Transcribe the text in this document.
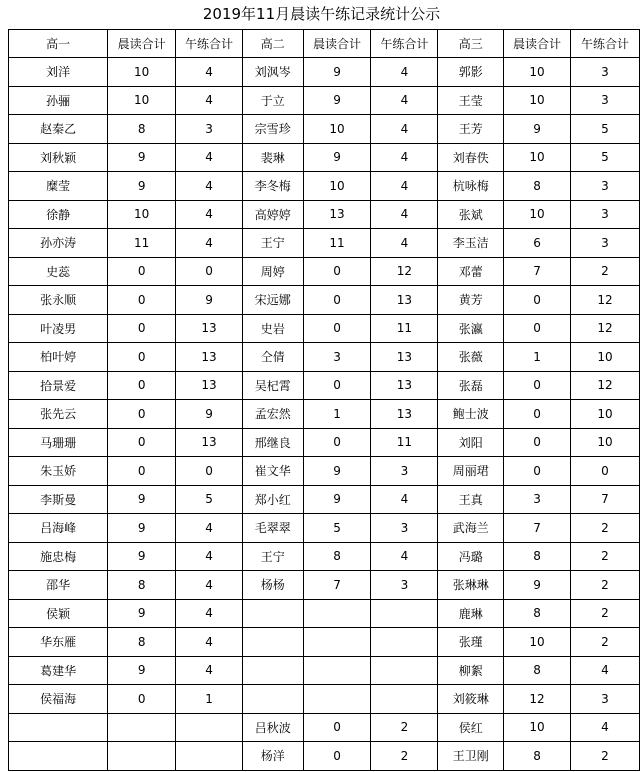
2019年11月晨读午练记录统计公示
高一	晨读合计	午练合计	高二	晨读合计	午练合计	高三	晨读合计	午练合计
刘洋	10	4	刘沨岑	9	4	郭影	10	3
孙骊	10	4	于立	9	4	王莹	10	3
赵秦乙	8	3	宗雪珍	10	4	王芳	9	5
刘秋颖	9	4	裴琳	9	4	刘春佚	10	5
糜莹	9	4	李冬梅	10	4	杭咏梅	8	3
徐静	10	4	高婷婷	13	4	张斌	10	3
孙亦涛	11	4	王宁	11	4	李玉洁	6	3
史蕊	0	0	周婷	0	12	邓蕾	7	2
张永顺	0	9	宋远娜	0	13	黄芳	0	12
叶凌男	0	13	史岩	0	11	张瀛	0	12
柏叶婷	0	13	仝倩	3	13	张薇	1	10
拾景爱	0	13	吴杞霄	0	13	张磊	0	12
张先云	0	9	孟宏然	1	13	鲍士波	0	10
马珊珊	0	13	邢继良	0	11	刘阳	0	10
朱玉娇	0	0	崔文华	9	3	周丽珺	0	0
李斯曼	9	5	郑小红	9	4	王真	3	7
吕海峰	9	4	毛翠翠	5	3	武海兰	7	2
施忠梅	9	4	王宁	8	4	冯璐	8	2
邵华	8	4	杨杨	7	3	张琳琳	9	2
侯颖	9	4				鹿琳	8	2
华东雁	8	4				张瑾	10	2
葛建华	9	4				柳絮	8	4
侯福海	0	1				刘筱琳	12	3
			吕秋波	0	2	侯红	10	4
			杨洋	0	2	王卫刚	8	2
